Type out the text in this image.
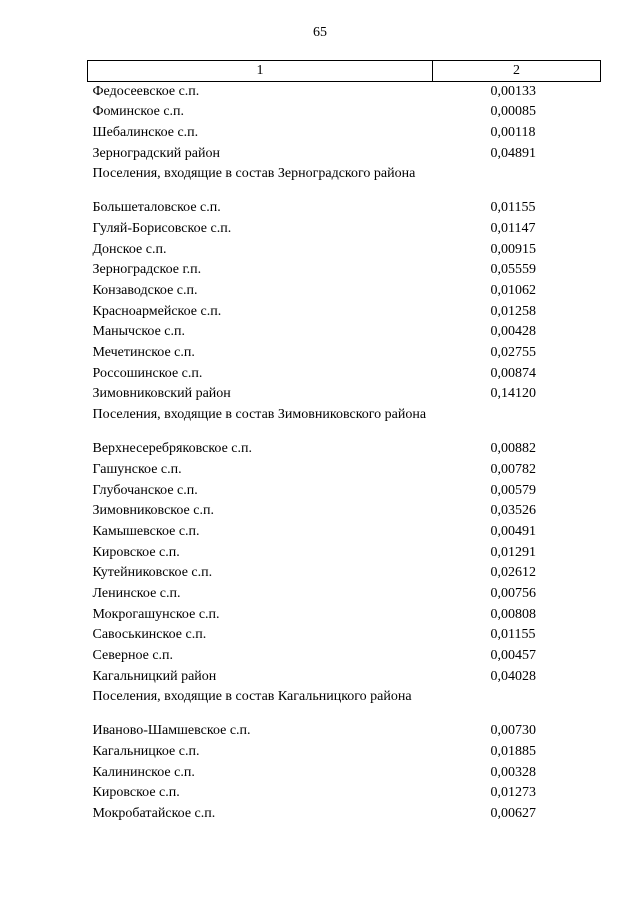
65
1	2
Федосеевское с.п.	0,00133
Фоминское с.п.	0,00085
Шебалинское с.п.	0,00118
Зерноградский район	0,04891
Поселения, входящие в состав Зерноградского района	
Большеталовское с.п.	0,01155
Гуляй-Борисовское с.п.	0,01147
Донское с.п.	0,00915
Зерноградское г.п.	0,05559
Конзаводское с.п.	0,01062
Красноармейское с.п.	0,01258
Манычское с.п.	0,00428
Мечетинское с.п.	0,02755
Россошинское с.п.	0,00874
Зимовниковский район	0,14120
Поселения, входящие в состав Зимовниковского района	
Верхнесеребряковское с.п.	0,00882
Гашунское с.п.	0,00782
Глубочанское с.п.	0,00579
Зимовниковское с.п.	0,03526
Камышевское с.п.	0,00491
Кировское с.п.	0,01291
Кутейниковское с.п.	0,02612
Ленинское с.п.	0,00756
Мокрогашунское с.п.	0,00808
Савоськинское с.п.	0,01155
Северное с.п.	0,00457
Кагальницкий район	0,04028
Поселения, входящие в состав Кагальницкого района	
Иваново-Шамшевское с.п.	0,00730
Кагальницкое с.п.	0,01885
Калининское с.п.	0,00328
Кировское с.п.	0,01273
Мокробатайское с.п.	0,00627
